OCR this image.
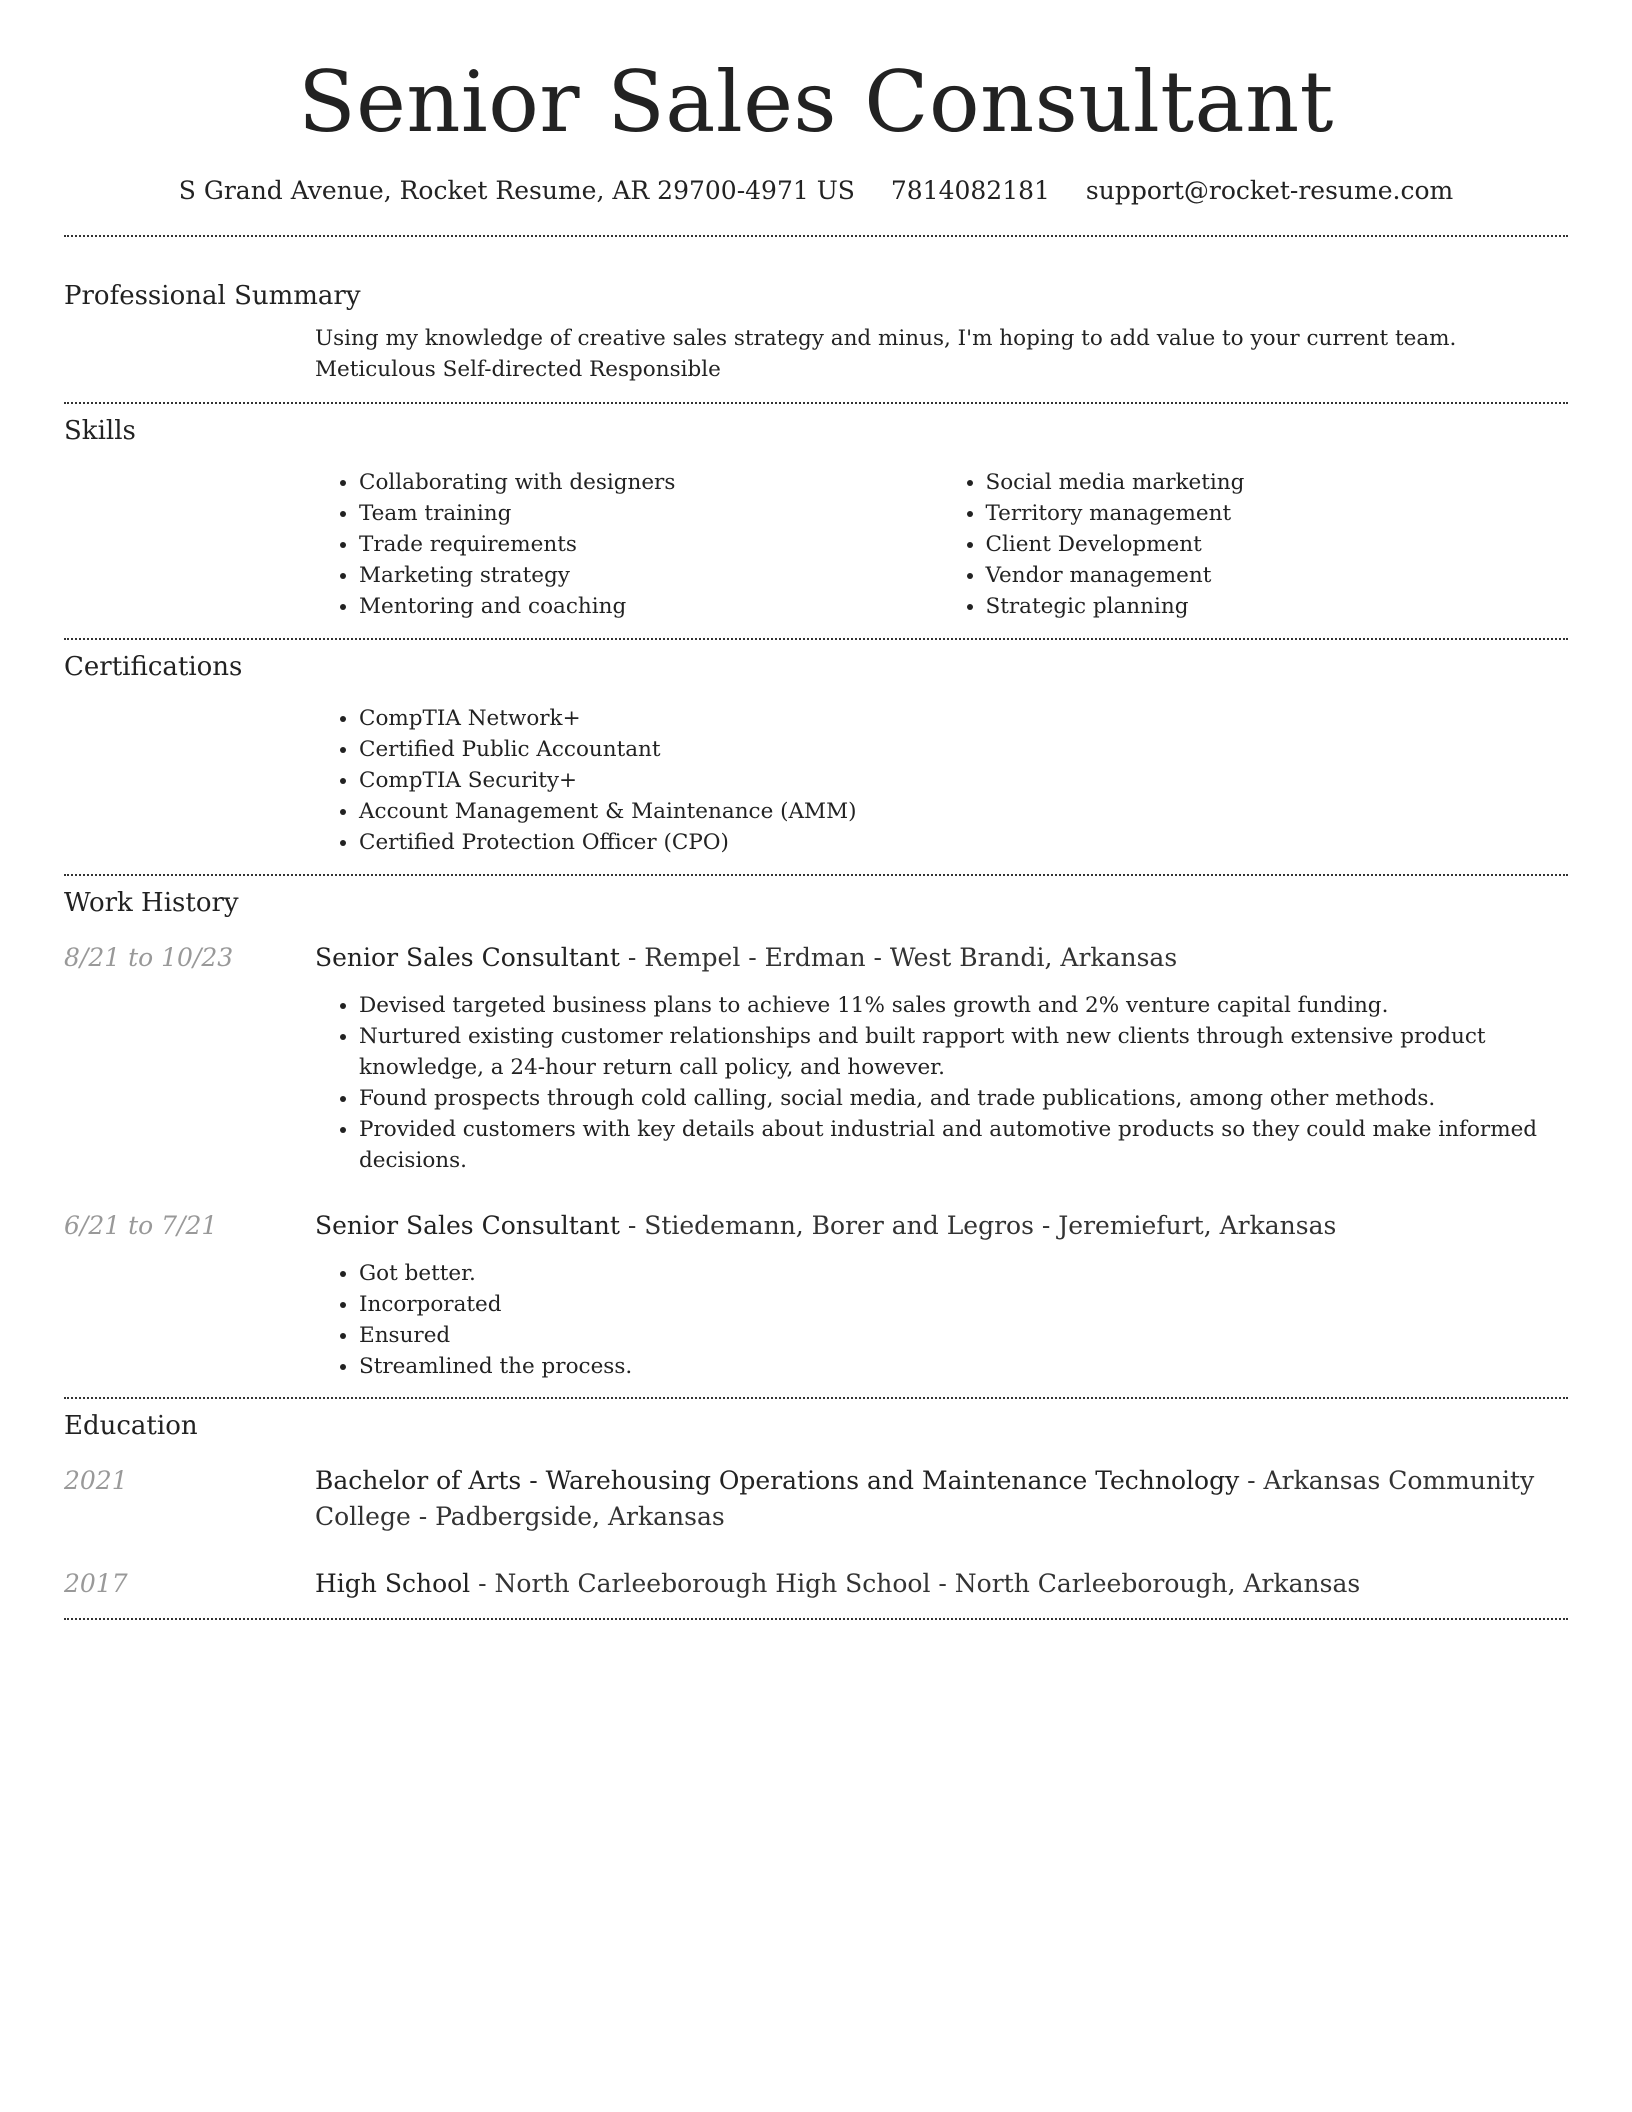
Senior Sales Consultant
S Grand Avenue, Rocket Resume, AR 29700-4971 US 7814082181 support@rocket-resume.com
Professional Summary
Using my knowledge of creative sales strategy and minus, I'm hoping to add value to your current team. Meticulous Self-directed Responsible
Skills
• Collaborating with designers
• Team training
• Trade requirements
• Marketing strategy
• Mentoring and coaching
• Social media marketing
• Territory management
• Client Development
• Vendor management
• Strategic planning
Certifications
• CompTIA Network+
• Certified Public Accountant
• CompTIA Security+
• Account Management & Maintenance (AMM)
• Certified Protection Officer (CPO)
Work History
8/21 to 10/23	Senior Sales Consultant - Rempel - Erdman - West Brandi, Arkansas
• Devised targeted business plans to achieve 11% sales growth and 2% venture capital funding.
• Nurtured existing customer relationships and built rapport with new clients through extensive product knowledge, a 24-hour return call policy, and however.
• Found prospects through cold calling, social media, and trade publications, among other methods.
• Provided customers with key details about industrial and automotive products so they could make informed decisions.
6/21 to 7/21	Senior Sales Consultant - Stiedemann, Borer and Legros - Jeremiefurt, Arkansas
• Got better.
• Incorporated
• Ensured
• Streamlined the process.
Education
2021	Bachelor of Arts - Warehousing Operations and Maintenance Technology - Arkansas Community College - Padbergside, Arkansas
2017	High School - North Carleeborough High School - North Carleeborough, Arkansas
